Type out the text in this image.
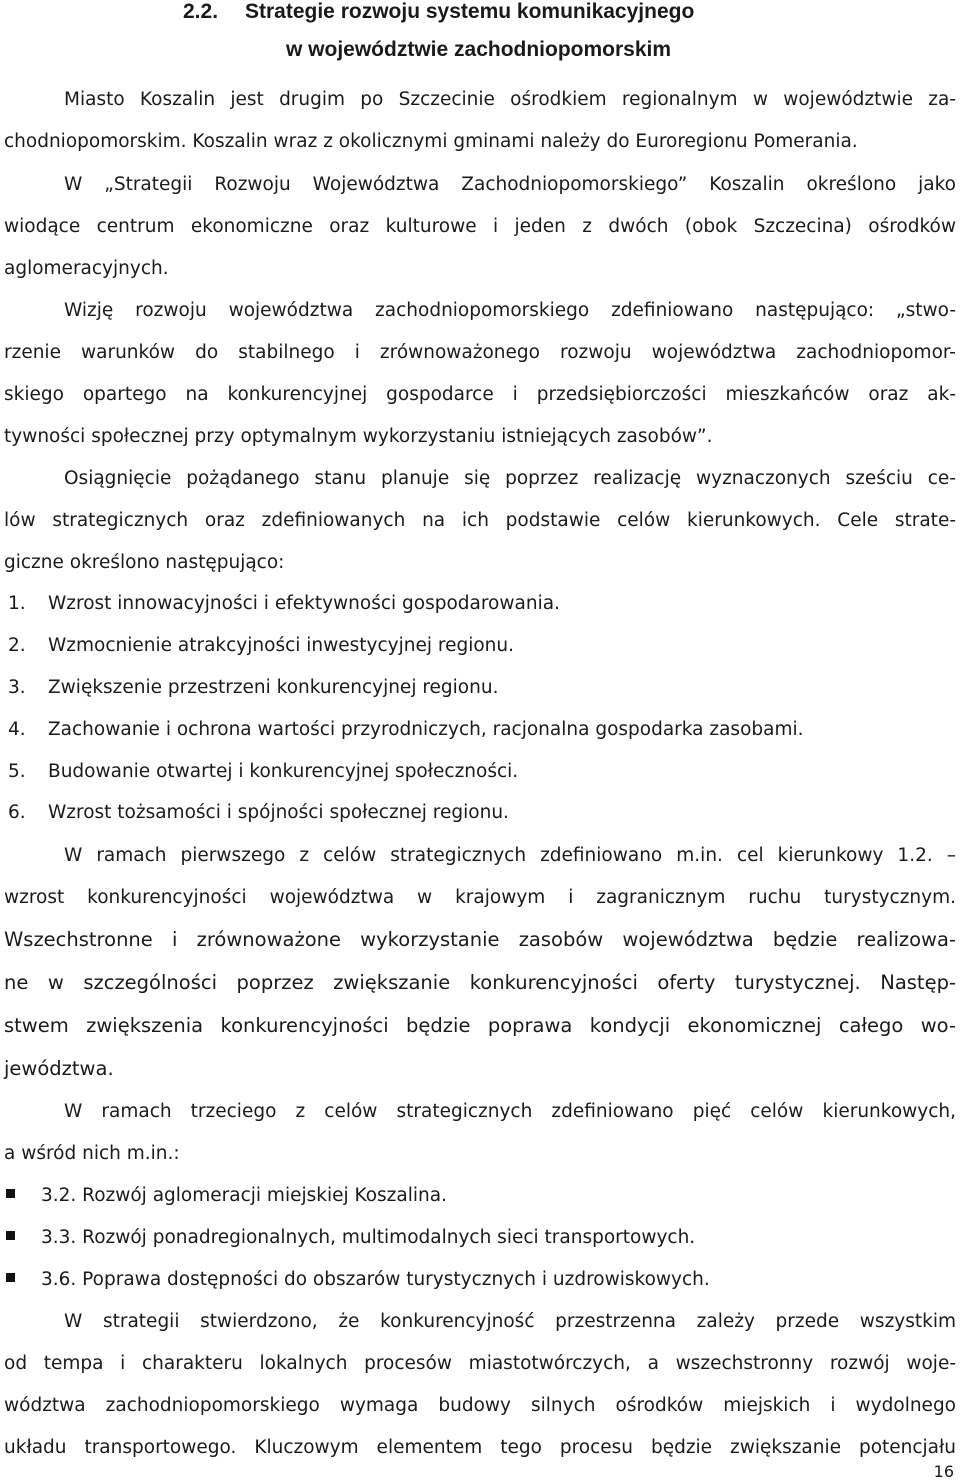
2.2. Strategie rozwoju systemu komunikacyjnego
w województwie zachodniopomorskim
Miasto Koszalin jest drugim po Szczecinie ośrodkiem regionalnym w województwie za-
chodniopomorskim. Koszalin wraz z okolicznymi gminami należy do Euroregionu Pomerania.
W „Strategii Rozwoju Województwa Zachodniopomorskiego” Koszalin określono jako
wiodące centrum ekonomiczne oraz kulturowe i jeden z dwóch (obok Szczecina) ośrodków
aglomeracyjnych.
Wizję rozwoju województwa zachodniopomorskiego zdefiniowano następująco: „stwo-
rzenie warunków do stabilnego i zrównoważonego rozwoju województwa zachodniopomor-
skiego opartego na konkurencyjnej gospodarce i przedsiębiorczości mieszkańców oraz ak-
tywności społecznej przy optymalnym wykorzystaniu istniejących zasobów”.
Osiągnięcie pożądanego stanu planuje się poprzez realizację wyznaczonych sześciu ce-
lów strategicznych oraz zdefiniowanych na ich podstawie celów kierunkowych. Cele strate-
giczne określono następująco:
1. Wzrost innowacyjności i efektywności gospodarowania.
2. Wzmocnienie atrakcyjności inwestycyjnej regionu.
3. Zwiększenie przestrzeni konkurencyjnej regionu.
4. Zachowanie i ochrona wartości przyrodniczych, racjonalna gospodarka zasobami.
5. Budowanie otwartej i konkurencyjnej społeczności.
6. Wzrost tożsamości i spójności społecznej regionu.
W ramach pierwszego z celów strategicznych zdefiniowano m.in. cel kierunkowy 1.2. –
wzrost konkurencyjności województwa w krajowym i zagranicznym ruchu turystycznym.
Wszechstronne i zrównoważone wykorzystanie zasobów województwa będzie realizowa-
ne w szczególności poprzez zwiększanie konkurencyjności oferty turystycznej. Następ-
stwem zwiększenia konkurencyjności będzie poprawa kondycji ekonomicznej całego wo-
jewództwa.
W ramach trzeciego z celów strategicznych zdefiniowano pięć celów kierunkowych,
a wśród nich m.in.:
3.2. Rozwój aglomeracji miejskiej Koszalina.
3.3. Rozwój ponadregionalnych, multimodalnych sieci transportowych.
3.6. Poprawa dostępności do obszarów turystycznych i uzdrowiskowych.
W strategii stwierdzono, że konkurencyjność przestrzenna zależy przede wszystkim
od tempa i charakteru lokalnych procesów miastotwórczych, a wszechstronny rozwój woje-
wództwa zachodniopomorskiego wymaga budowy silnych ośrodków miejskich i wydolnego
układu transportowego. Kluczowym elementem tego procesu będzie zwiększanie potencjału
16
